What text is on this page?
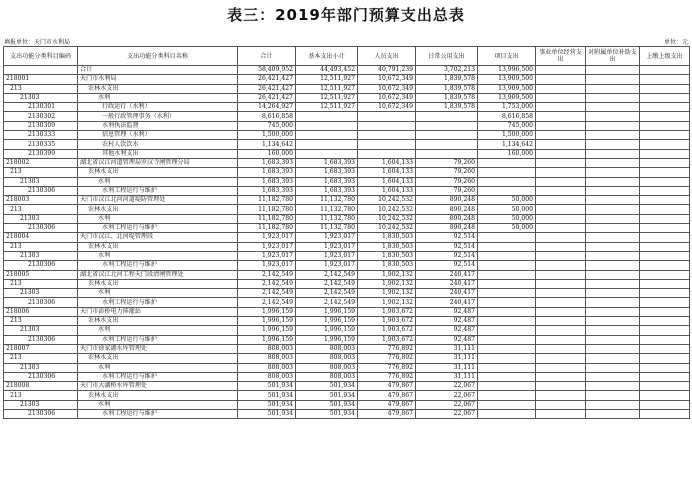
表三：2019年部门预算支出总表
填报单位：天门市水利局	单位：元
支出功能分类科目编码	支出功能分类科目名称	合计	基本支出小计	人员支出	日常公用支出	项目支出	事业单位经营支出	对附属单位补助支出	上缴上级支出
	合计	58,409,952	44,493,452	40,791,239	3,702,213	13,996,500			
218001	天门市水利局	26,421,427	12,511,927	10,672,349	1,839,578	13,909,500			
213	农林水支出	26,421,427	12,511,927	10,672,349	1,839,578	13,909,500			
21303	水利	26,421,427	12,511,927	10,672,349	1,839,578	13,909,500			
2130301	行政运行（水利）	14,264,927	12,511,927	10,672,349	1,839,578	1,753,000			
2130302	一般行政管理事务（水利）	8,616,858				8,616,858			
2130309	水利执法监督	745,000				745,000			
2130333	信息管理（水利）	1,500,000				1,500,000			
2130335	农村人饮饮水	1,134,642				1,134,642			
2130399	其他水利支出	160,000				160,000			
218002	湖北省汉江河道管理局罗汉寺闸管理分局	1,683,393	1,683,393	1,604,133	79,260				
213	农林水支出	1,683,393	1,683,393	1,604,133	79,260				
21303	水利	1,683,393	1,683,393	1,604,133	79,260				
2130306	水利工程运行与维护	1,683,393	1,683,393	1,604,133	79,260				
218003	天门市汉江北河河道堤防管理处	11,182,780	11,132,780	10,242,532	890,248	50,000			
213	农林水支出	11,182,780	11,132,780	10,242,532	890,248	50,000			
21303	水利	11,182,780	11,132,780	10,242,532	890,248	50,000			
2130306	水利工程运行与维护	11,182,780	11,132,780	10,242,532	890,248	50,000			
218004	天门市汉江、北河堤管理段	1,923,017	1,923,017	1,830,503	92,514				
213	农林水支出	1,923,017	1,923,017	1,830,503	92,514				
21303	水利	1,923,017	1,923,017	1,830,503	92,514				
2130306	水利工程运行与维护	1,923,017	1,923,017	1,830,503	92,514				
218005	湖北省汉江北河工程天门段清闸管理处	2,142,549	2,142,549	1,902,132	240,417				
213	农林水支出	2,142,549	2,142,549	1,902,132	240,417				
21303	水利	2,142,549	2,142,549	1,902,132	240,417				
2130306	水利工程运行与维护	2,142,549	2,142,549	1,902,132	240,417				
218006	天门市彭桥电力排灌站	1,996,159	1,996,159	1,903,672	92,487				
213	农林水支出	1,996,159	1,996,159	1,903,672	92,487				
21303	水利	1,996,159	1,996,159	1,903,672	92,487				
2130306	水利工程运行与维护	1,996,159	1,996,159	1,903,672	92,487				
218007	天门市徐家湖水库管理处	808,003	808,003	776,892	31,111				
213	农林水支出	808,003	808,003	776,892	31,111				
21303	水利	808,003	808,003	776,892	31,111				
2130306	水利工程运行与维护	808,003	808,003	776,892	31,111				
218008	天门市大湖桥水库管理处	501,934	501,934	479,867	22,067				
213	农林水支出	501,934	501,934	479,867	22,067				
21303	水利	501,934	501,934	479,867	22,067				
2130306	水利工程运行与维护	501,934	501,934	479,867	22,067				
